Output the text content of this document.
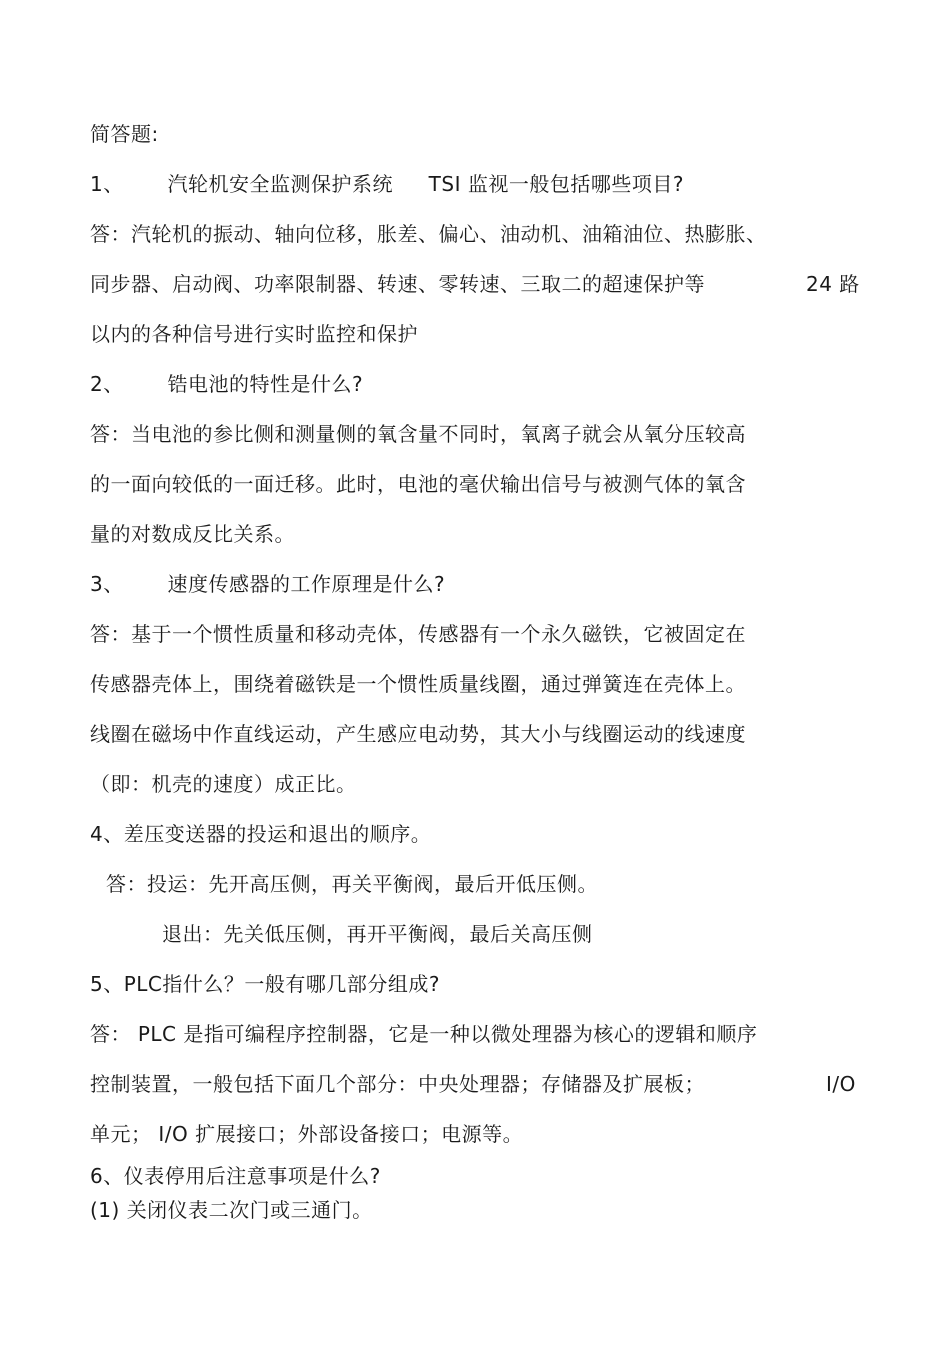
简答题:
1、 汽轮机安全监测保护系统 TSI 监视一般包括哪些项目?
答：汽轮机的振动、轴向位移，胀差、偏心、油动机、油箱油位、热膨胀、
同步器、启动阀、功率限制器、转速、零转速、三取二的超速保护等	24 路
以内的各种信号进行实时监控和保护
2、 锆电池的特性是什么?
答：当电池的参比侧和测量侧的氧含量不同时，氧离子就会从氧分压较高
的一面向较低的一面迁移。此时，电池的毫伏输出信号与被测气体的氧含
量的对数成反比关系。
3、 速度传感器的工作原理是什么?
答：基于一个惯性质量和移动壳体，传感器有一个永久磁铁，它被固定在
传感器壳体上，围绕着磁铁是一个惯性质量线圈，通过弹簧连在壳体上。
线圈在磁场中作直线运动，产生感应电动势，其大小与线圈运动的线速度
（即：机壳的速度）成正比。
4、差压变送器的投运和退出的顺序。
答：投运：先开高压侧，再关平衡阀，最后开低压侧。
退出：先关低压侧，再开平衡阀，最后关高压侧
5、PLC指什么？一般有哪几部分组成?
答： PLC 是指可编程序控制器，它是一种以微处理器为核心的逻辑和顺序
控制装置，一般包括下面几个部分：中央处理器；存储器及扩展板；	I/O
单元； I/O 扩展接口；外部设备接口；电源等。
6、仪表停用后注意事项是什么?
(1) 关闭仪表二次门或三通门。
